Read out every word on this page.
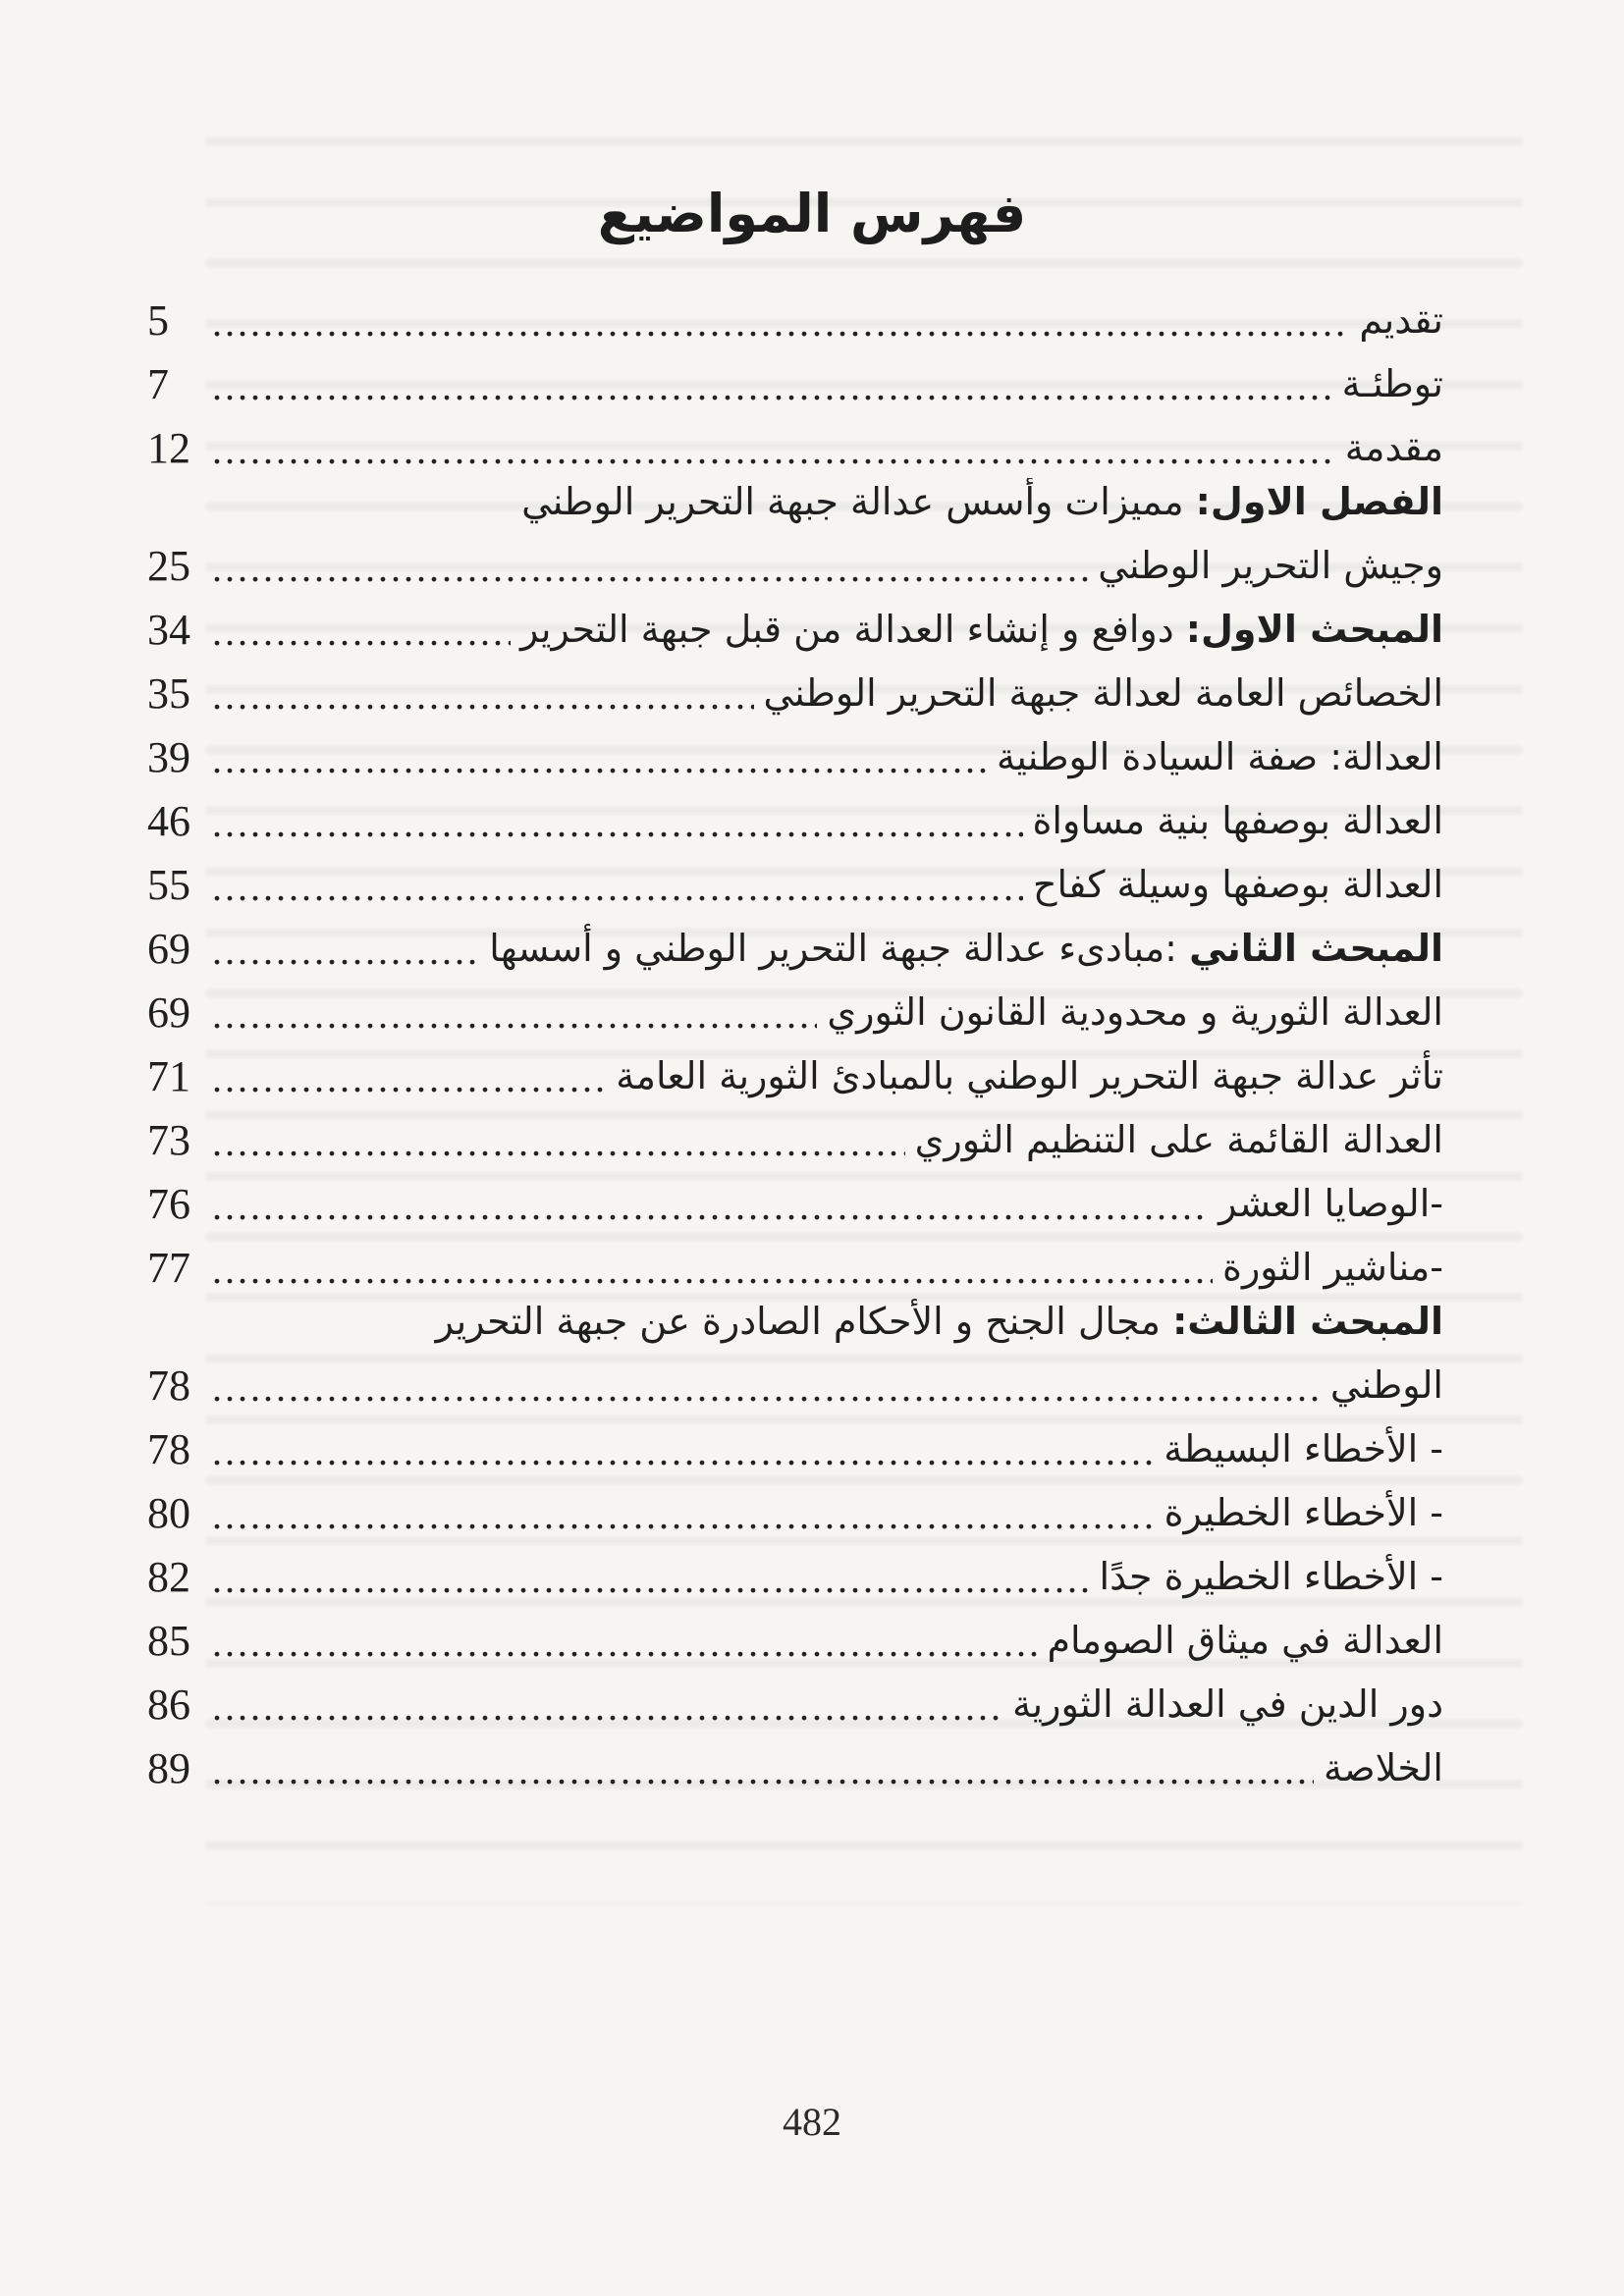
فهرس المواضيع
تقديم
.....
5
توطئـة
.....
7
مقدمة
.....
12
الفصل الاول: مميزات وأسس عدالة جبهة التحرير الوطني
وجيش التحرير الوطني
.....
25
المبحث الاول: دوافع و إنشاء العدالة من قبل جبهة التحرير
.....
34
الخصائص العامة لعدالة جبهة التحرير الوطني
.....
35
العدالة: صفة السيادة الوطنية
.....
39
العدالة بوصفها بنية مساواة
.....
46
العدالة بوصفها وسيلة كفاح
.....
55
المبحث الثاني :مبادىء عدالة جبهة التحرير الوطني و أسسها
.....
69
العدالة الثورية و محدودية القانون الثوري
.....
69
تأثر عدالة جبهة التحرير الوطني بالمبادئ الثورية العامة
.....
71
العدالة القائمة على التنظيم الثوري
.....
73
-الوصايا العشر
.....
76
-مناشير الثورة
.....
77
المبحث الثالث: مجال الجنح و الأحكام الصادرة عن جبهة التحرير
الوطني
.....
78
- الأخطاء البسيطة
.....
78
- الأخطاء الخطيرة
.....
80
- الأخطاء الخطيرة جدًا
.....
82
العدالة في ميثاق الصومام
.....
85
دور الدين في العدالة الثورية
.....
86
الخلاصة
.....
89
482
